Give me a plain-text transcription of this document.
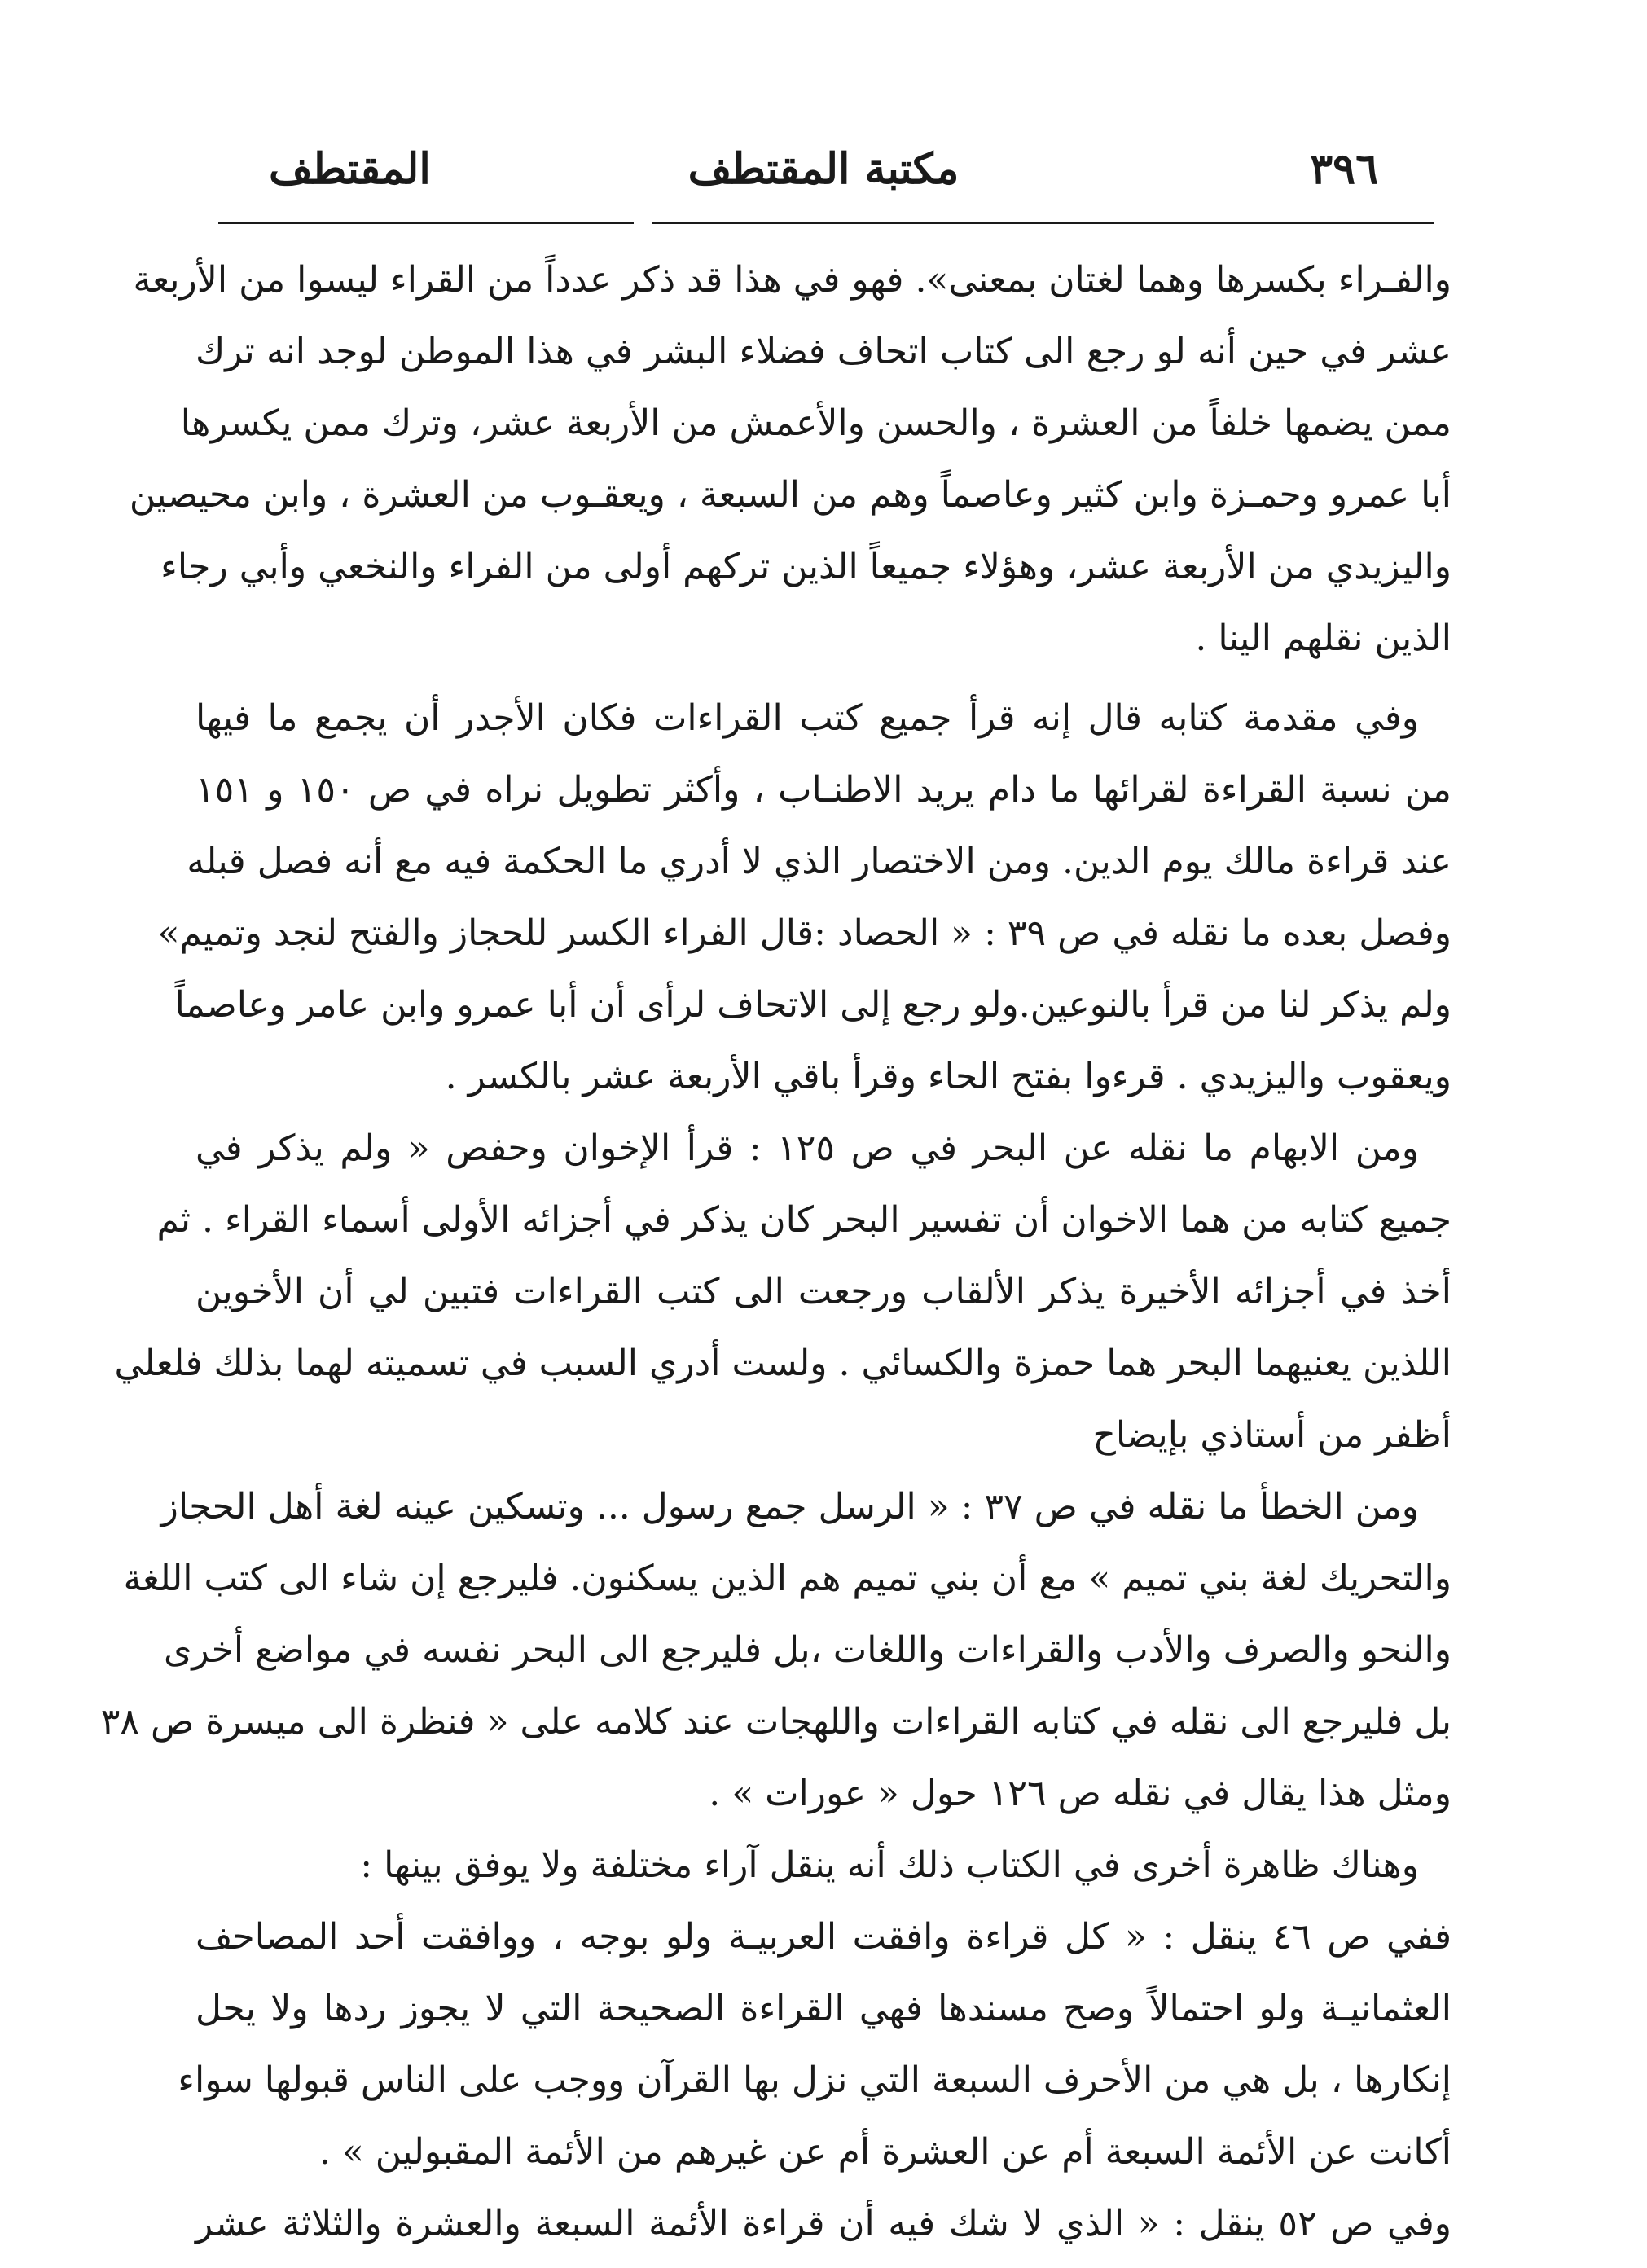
٣٩٦
مكتبة المقتطف
المقتطف
والفـراء بكسرها وهما لغتان بمعنى». فهو في هذا قد ذكر عدداً من القراء ليسوا من الأربعة
عشر في حين أنه لو رجع الى كتاب اتحاف فضلاء البشر في هذا الموطن لوجد انه ترك
ممن يضمها خلفاً من العشرة ، والحسن والأعمش من الأربعة عشر، وترك ممن يكسرها
أبا عمرو وحمـزة وابن كثير وعاصماً وهم من السبعة ، ويعقـوب من العشرة ، وابن محيصين
واليزيدي من الأربعة عشر، وهؤلاء جميعاً الذين تركهم أولى من الفراء والنخعي وأبي رجاء
الذين نقلهم الينا .
وفي مقدمة كتابه قال إنه قرأ جميع كتب القراءات فكان الأجدر أن يجمع ما فيها
من نسبة القراءة لقرائها ما دام يريد الاطنـاب ، وأكثر تطويل نراه في ص ١٥٠ و ١٥١
عند قراءة مالك يوم الدين. ومن الاختصار الذي لا أدري ما الحكمة فيه مع أنه فصل قبله
وفصل بعده ما نقله في ص ٣٩ : « الحصاد :قال الفراء الكسر للحجاز والفتح لنجد وتميم»
ولم يذكر لنا من قرأ بالنوعين.ولو رجع إلى الاتحاف لرأى أن أبا عمرو وابن عامر وعاصماً
ويعقوب واليزيدي . قرءوا بفتح الحاء وقرأ باقي الأربعة عشر بالكسر .
ومن الابهام ما نقله عن البحر في ص ١٢٥ : قرأ الإخوان وحفص « ولم يذكر في
جميع كتابه من هما الاخوان أن تفسير البحر كان يذكر في أجزائه الأولى أسماء القراء . ثم
أخذ في أجزائه الأخيرة يذكر الألقاب ورجعت الى كتب القراءات فتبين لي أن الأخوين
اللذين يعنيهما البحر هما حمزة والكسائي . ولست أدري السبب في تسميته لهما بذلك فلعلي
أظفر من أستاذي بإيضاح
ومن الخطأ ما نقله في ص ٣٧ : « الرسل جمع رسول ... وتسكين عينه لغة أهل الحجاز
والتحريك لغة بني تميم » مع أن بني تميم هم الذين يسكنون. فليرجع إن شاء الى كتب اللغة
والنحو والصرف والأدب والقراءات واللغات ،بل فليرجع الى البحر نفسه في مواضع أخرى
بل فليرجع الى نقله في كتابه القراءات واللهجات عند كلامه على « فنظرة الى ميسرة ص ٣٨
ومثل هذا يقال في نقله ص ١٢٦ حول « عورات » .
وهناك ظاهرة أخرى في الكتاب ذلك أنه ينقل آراء مختلفة ولا يوفق بينها :
ففي ص ٤٦ ينقل : « كل قراءة وافقت العربيـة ولو بوجه ، ووافقت أحد المصاحف
العثمانيـة ولو احتمالاً وصح مسندها فهي القراءة الصحيحة التي لا يجوز ردها ولا يحل
إنكارها ، بل هي من الأحرف السبعة التي نزل بها القرآن ووجب على الناس قبولها سواء
أكانت عن الأئمة السبعة أم عن العشرة أم عن غيرهم من الأئمة المقبولين » .
وفي ص ٥٢ ينقل : « الذي لا شك فيه أن قراءة الأئمة السبعة والعشرة والثلاثة عشر
